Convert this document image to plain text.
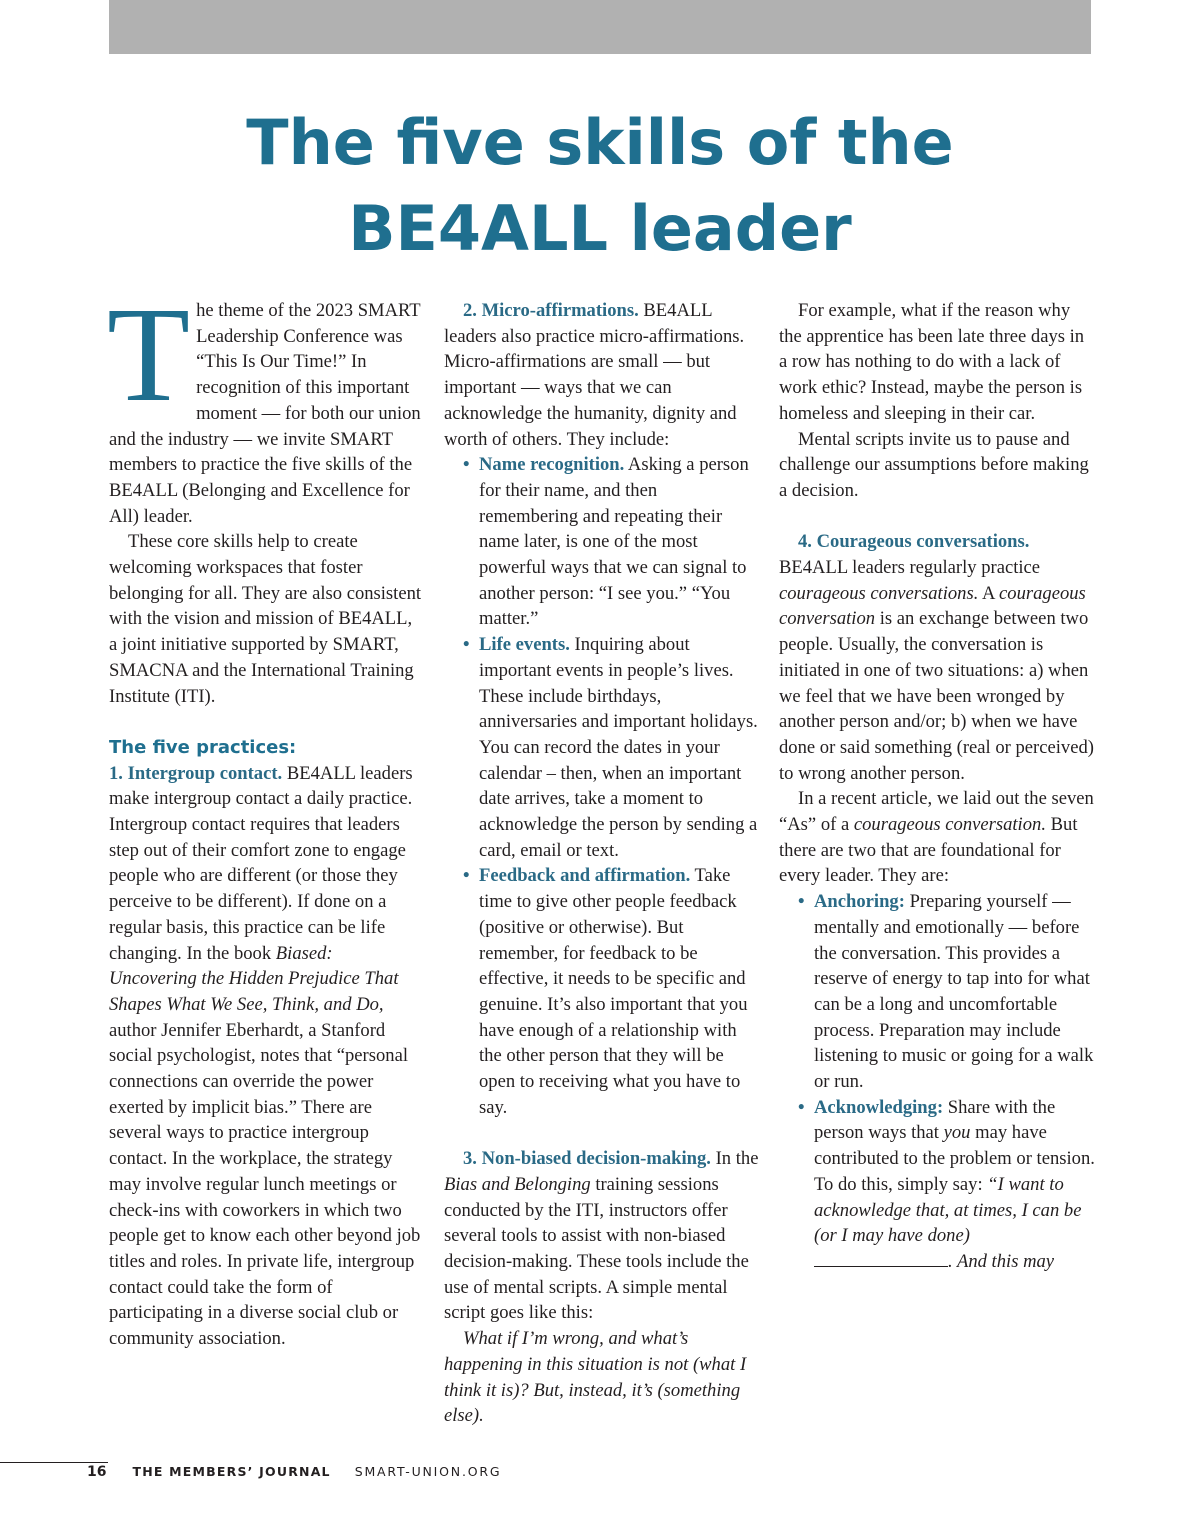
The five skills of the
BE4ALL leader

The theme of the 2023 SMART Leadership Conference was “This Is Our Time!” In recognition of this important moment — for both our union and the industry — we invite SMART members to practice the five skills of the BE4ALL (Belonging and Excellence for All) leader.

These core skills help to create welcoming workspaces that foster belonging for all. They are also consistent with the vision and mission of BE4ALL, a joint initiative supported by SMART, SMACNA and the International Training Institute (ITI).

The five practices:

1. Intergroup contact. BE4ALL leaders make intergroup contact a daily practice. Intergroup contact requires that leaders step out of their comfort zone to engage people who are different (or those they perceive to be different). If done on a regular basis, this practice can be life changing. In the book Biased: Uncovering the Hidden Prejudice That Shapes What We See, Think, and Do, author Jennifer Eberhardt, a Stanford social psychologist, notes that “personal connections can override the power exerted by implicit bias.” There are several ways to practice intergroup contact. In the workplace, the strategy may involve regular lunch meetings or check-ins with coworkers in which two people get to know each other beyond job titles and roles. In private life, intergroup contact could take the form of participating in a diverse social club or community association.

2. Micro-affirmations. BE4ALL leaders also practice micro-affirmations. Micro-affirmations are small — but important — ways that we can acknowledge the humanity, dignity and worth of others. They include:

• Name recognition. Asking a person for their name, and then remembering and repeating their name later, is one of the most powerful ways that we can signal to another person: “I see you.” “You matter.”
• Life events. Inquiring about important events in people’s lives. These include birthdays, anniversaries and important holidays. You can record the dates in your calendar – then, when an important date arrives, take a moment to acknowledge the person by sending a card, email or text.
• Feedback and affirmation. Take time to give other people feedback (positive or otherwise). But remember, for feedback to be effective, it needs to be specific and genuine. It’s also important that you have enough of a relationship with the other person that they will be open to receiving what you have to say.

3. Non-biased decision-making. In the Bias and Belonging training sessions conducted by the ITI, instructors offer several tools to assist with non-biased decision-making. These tools include the use of mental scripts. A simple mental script goes like this:

What if I’m wrong, and what’s happening in this situation is not (what I think it is)? But, instead, it’s (something else).

For example, what if the reason why the apprentice has been late three days in a row has nothing to do with a lack of work ethic? Instead, maybe the person is homeless and sleeping in their car.

Mental scripts invite us to pause and challenge our assumptions before making a decision.

4. Courageous conversations. BE4ALL leaders regularly practice courageous conversations. A courageous conversation is an exchange between two people. Usually, the conversation is initiated in one of two situations: a) when we feel that we have been wronged by another person and/or; b) when we have done or said something (real or perceived) to wrong another person.

In a recent article, we laid out the seven “As” of a courageous conversation. But there are two that are foundational for every leader. They are:

• Anchoring: Preparing yourself — mentally and emotionally — before the conversation. This provides a reserve of energy to tap into for what can be a long and uncomfortable process. Preparation may include listening to music or going for a walk or run.
• Acknowledging: Share with the person ways that you may have contributed to the problem or tension. To do this, simply say: “I want to acknowledge that, at times, I can be (or I may have done) . And this may
16 THE MEMBERS’ JOURNAL SMART-UNION.ORG
